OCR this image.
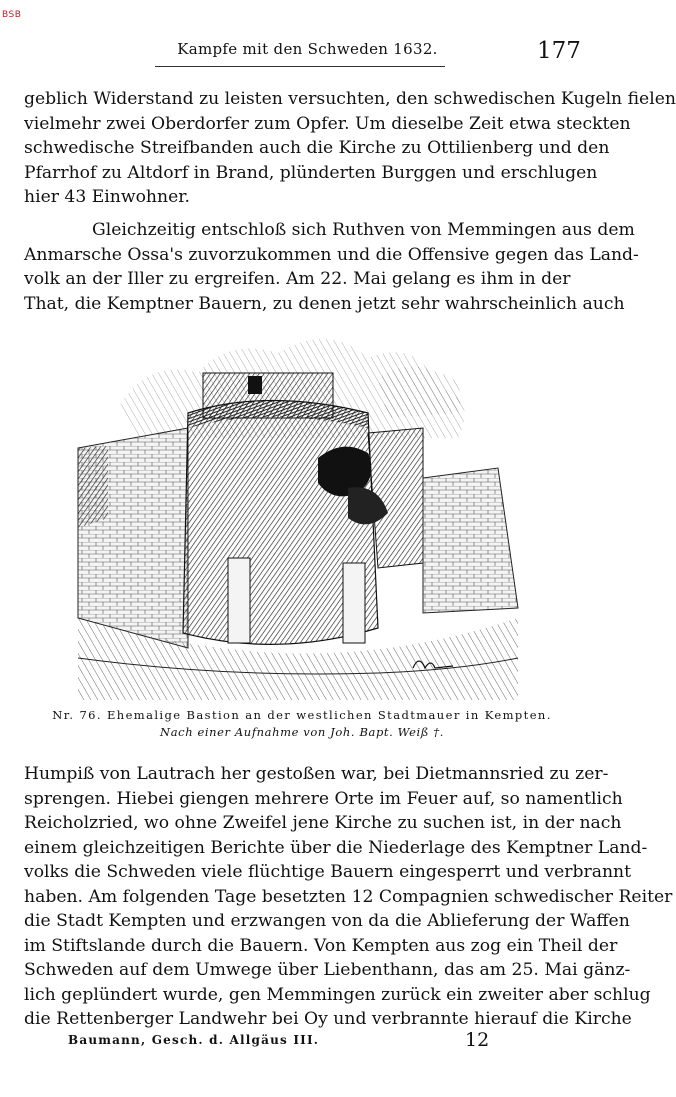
BSB
Kampfe mit den Schweden 1632.	177

geblich Widerstand zu leisten versuchten, den schwedischen Kugeln fielen
vielmehr zwei Oberdorfer zum Opfer. Um dieselbe Zeit etwa steckten
schwedische Streifbanden auch die Kirche zu Ottilienberg und den
Pfarrhof zu Altdorf in Brand, plünderten Burggen und erschlugen
hier 43 Einwohner.

Gleichzeitig entschloß sich Ruthven von Memmingen aus dem
Anmarsche Ossa's zuvorzukommen und die Offensive gegen das Land-
volk an der Iller zu ergreifen. Am 22. Mai gelang es ihm in der
That, die Kemptner Bauern, zu denen jetzt sehr wahrscheinlich auch

Nr. 76. Ehemalige Bastion an der westlichen Stadtmauer in Kempten.
Nach einer Aufnahme von Joh. Bapt. Weiß †.

Humpiß von Lautrach her gestoßen war, bei Dietmannsried zu zer-
sprengen. Hiebei giengen mehrere Orte im Feuer auf, so namentlich
Reicholzried, wo ohne Zweifel jene Kirche zu suchen ist, in der nach
einem gleichzeitigen Berichte über die Niederlage des Kemptner Land-
volks die Schweden viele flüchtige Bauern eingesperrt und verbrannt
haben. Am folgenden Tage besetzten 12 Compagnien schwedischer Reiter
die Stadt Kempten und erzwangen von da die Ablieferung der Waffen
im Stiftslande durch die Bauern. Von Kempten aus zog ein Theil der
Schweden auf dem Umwege über Liebenthann, das am 25. Mai gänz-
lich geplündert wurde, gen Memmingen zurück ein zweiter aber schlug
die Rettenberger Landwehr bei Oy und verbrannte hierauf die Kirche

Baumann, Gesch. d. Allgäus III.	12
